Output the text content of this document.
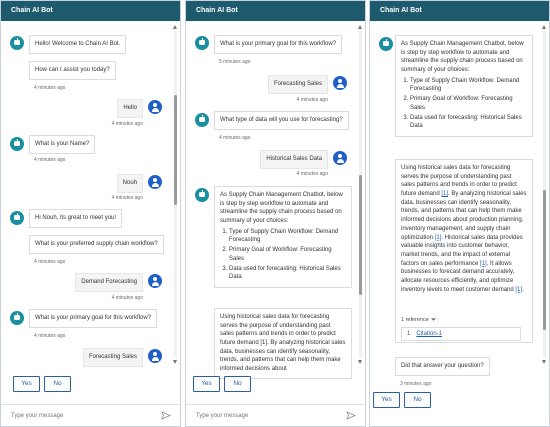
Chain AI Bot
Hello! Welcome to Chain AI Bot.
How can I assist you today?
4 minutes ago
Hello
4 minutes ago
What is your Name?
4 minutes ago
Nouh
4 minutes ago
Hi Nouh, its great to meet you!
What is your preferred supply chain workflow?
4 minutes ago
Demand Forecasting
4 minutes ago
What is your primary goal for this workflow?
4 minutes ago
Forecasting Sales
Yes	No
Type your message
Chain AI Bot
What is your primary goal for this workflow?
5 minutes ago
Forecasting Sales
4 minutes ago
What type of data will you use for forecasting?
4 minutes ago
Historical Sales Data
4 minutes ago
As Supply Chain Management Chatbot, below is step by step workflow to automate and streamline the supply chain process based on summary of your choices:
1. Type of Supply Chain Workflow: Demand Forecasting
2. Primary Goal of Workflow: Forecasting Sales
3. Data used for forecasting: Historical Sales Data
Using historical sales data for forecasting serves the purpose of understanding past sales patterns and trends in order to predict future demand [1]. By analyzing historical sales data, businesses can identify seasonality, trends, and patterns that can help them make informed decisions about
Yes	No
Type your message
Chain AI Bot
As Supply Chain Management Chatbot, below is step by step workflow to automate and streamline the supply chain process based on summary of your choices:
1. Type of Supply Chain Workflow: Demand Forecasting
2. Primary Goal of Workflow: Forecasting Sales
3. Data used for forecasting: Historical Sales Data
Using historical sales data for forecasting serves the purpose of understanding past sales patterns and trends in order to predict future demand [1]. By analyzing historical sales data, businesses can identify seasonality, trends, and patterns that can help them make informed decisions about production planning, inventory management, and supply chain optimization [1]. Historical sales data provides valuable insights into customer behavior, market trends, and the impact of external factors on sales performance [1]. It allows businesses to forecast demand accurately, allocate resources efficiently, and optimize inventory levels to meet customer demand [1].
1 reference
1 Citation-1
Did that answer your question?
3 minutes ago
Yes	No
